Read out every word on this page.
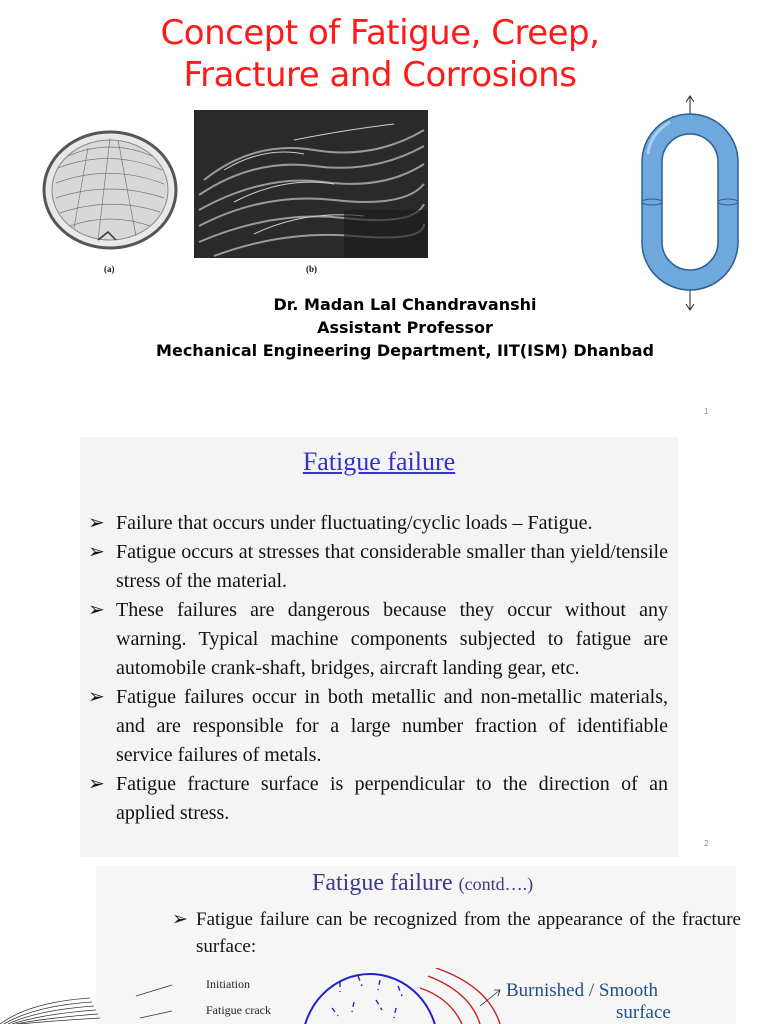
Concept of Fatigue, Creep,
Fracture and Corrosions
(a)	(b)
Dr. Madan Lal Chandravanshi
Assistant Professor
Mechanical Engineering Department, IIT(ISM) Dhanbad
1
Fatigue failure
➢ Failure that occurs under fluctuating/cyclic loads – Fatigue.
➢ Fatigue occurs at stresses that considerable smaller than yield/tensile stress of the material.
➢ These failures are dangerous because they occur without any warning. Typical machine components subjected to fatigue are automobile crank-shaft, bridges, aircraft landing gear, etc.
➢ Fatigue failures occur in both metallic and non-metallic materials, and are responsible for a large number fraction of identifiable service failures of metals.
➢ Fatigue fracture surface is perpendicular to the direction of an applied stress.
2
Fatigue failure (contd….)
➢ Fatigue failure can be recognized from the appearance of the fracture surface:
Initiation
Fatigue crack
Burnished / Smooth
surface
